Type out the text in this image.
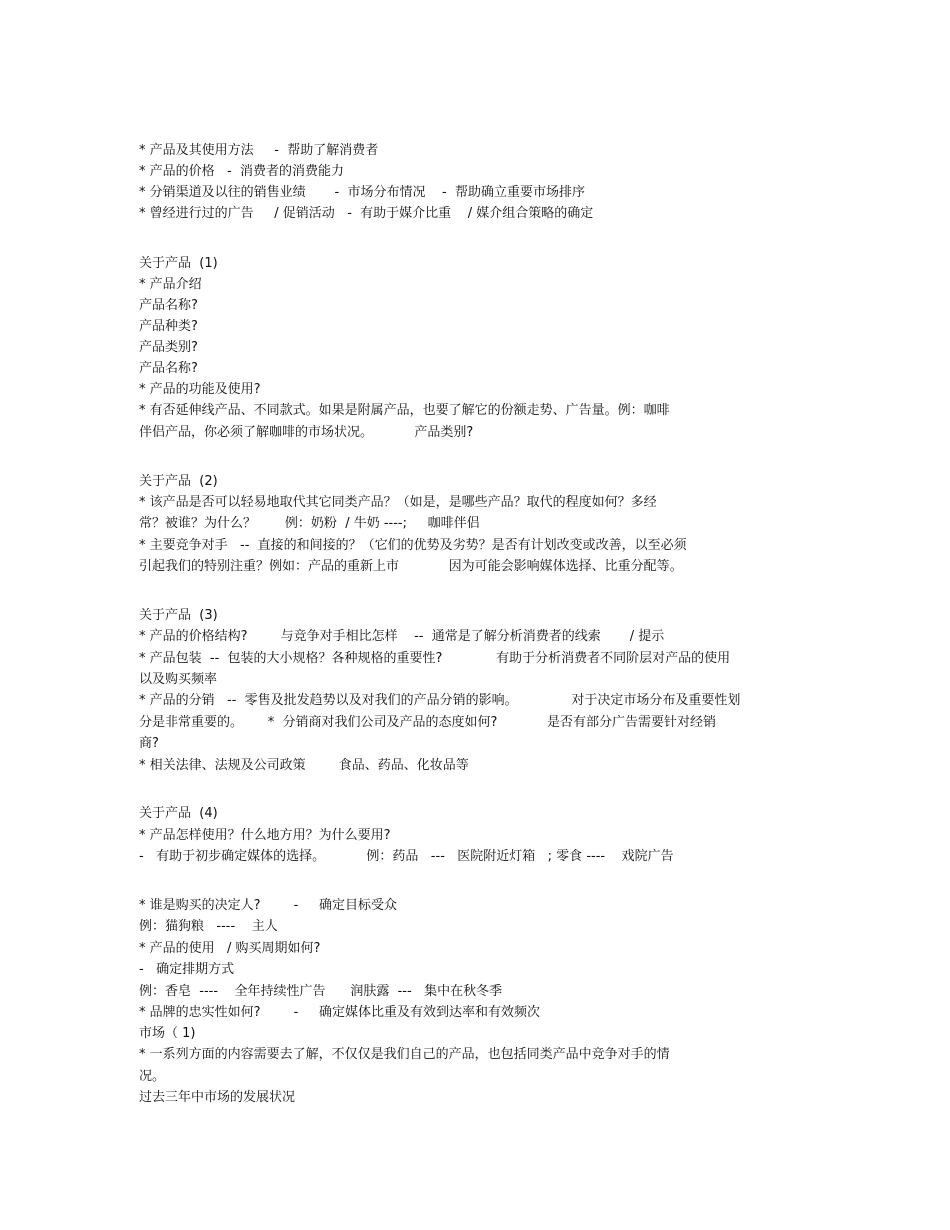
* 产品及其使用方法     -  帮助了解消费者
* 产品的价格   -  消费者的消费能力
* 分销渠道及以往的销售业绩       -  市场分布情况    -  帮助确立重要市场排序
* 曾经进行过的广告     / 促销活动   -  有助于媒介比重    / 媒介组合策略的确定
关于产品  (1)
* 产品介绍
产品名称?
产品种类?
产品类别?
产品名称?
* 产品的功能及使用?
* 有否延伸线产品、不同款式。如果是附属产品，也要了解它的份额走势、广告量。例：咖啡
伴侣产品，你必须了解咖啡的市场状况。          产品类别?
关于产品  (2)
* 该产品是否可以轻易地取代其它同类产品？（如是，是哪些产品？取代的程度如何？多经
常？被谁？为什么？       例：奶粉  / 牛奶 ----;     咖啡伴侣
* 主要竞争对手   --  直接的和间接的？（它们的优势及劣势？是否有计划改变或改善，以至必须
引起我们的特别注重？例如：产品的重新上市            因为可能会影响媒体选择、比重分配等。
关于产品  (3)
* 产品的价格结构?        与竞争对手相比怎样    --  通常是了解分析消费者的线索       / 提示
* 产品包装  --  包装的大小规格？各种规格的重要性?             有助于分析消费者不同阶层对产品的使用
以及购买频率
* 产品的分销   --  零售及批发趋势以及对我们的产品分销的影响。             对于决定市场分布及重要性划
分是非常重要的。      *  分销商对我们公司及产品的态度如何?            是否有部分广告需要针对经销
商?
* 相关法律、法规及公司政策        食品、药品、化妆品等
关于产品  (4)
* 产品怎样使用？什么地方用？为什么要用?
-   有助于初步确定媒体的选择。          例：药品   ---   医院附近灯箱   ; 零食 ----    戏院广告
* 谁是购买的决定人?        -     确定目标受众
例：猫狗粮   ----    主人
* 产品的使用   / 购买周期如何?
-   确定排期方式
例：香皂  ----    全年持续性广告      润肤露  ---   集中在秋冬季
* 品牌的忠实性如何?        -     确定媒体比重及有效到达率和有效频次
市场（ 1)
* 一系列方面的内容需要去了解，不仅仅是我们自己的产品，也包括同类产品中竞争对手的情
况。
过去三年中市场的发展状况
